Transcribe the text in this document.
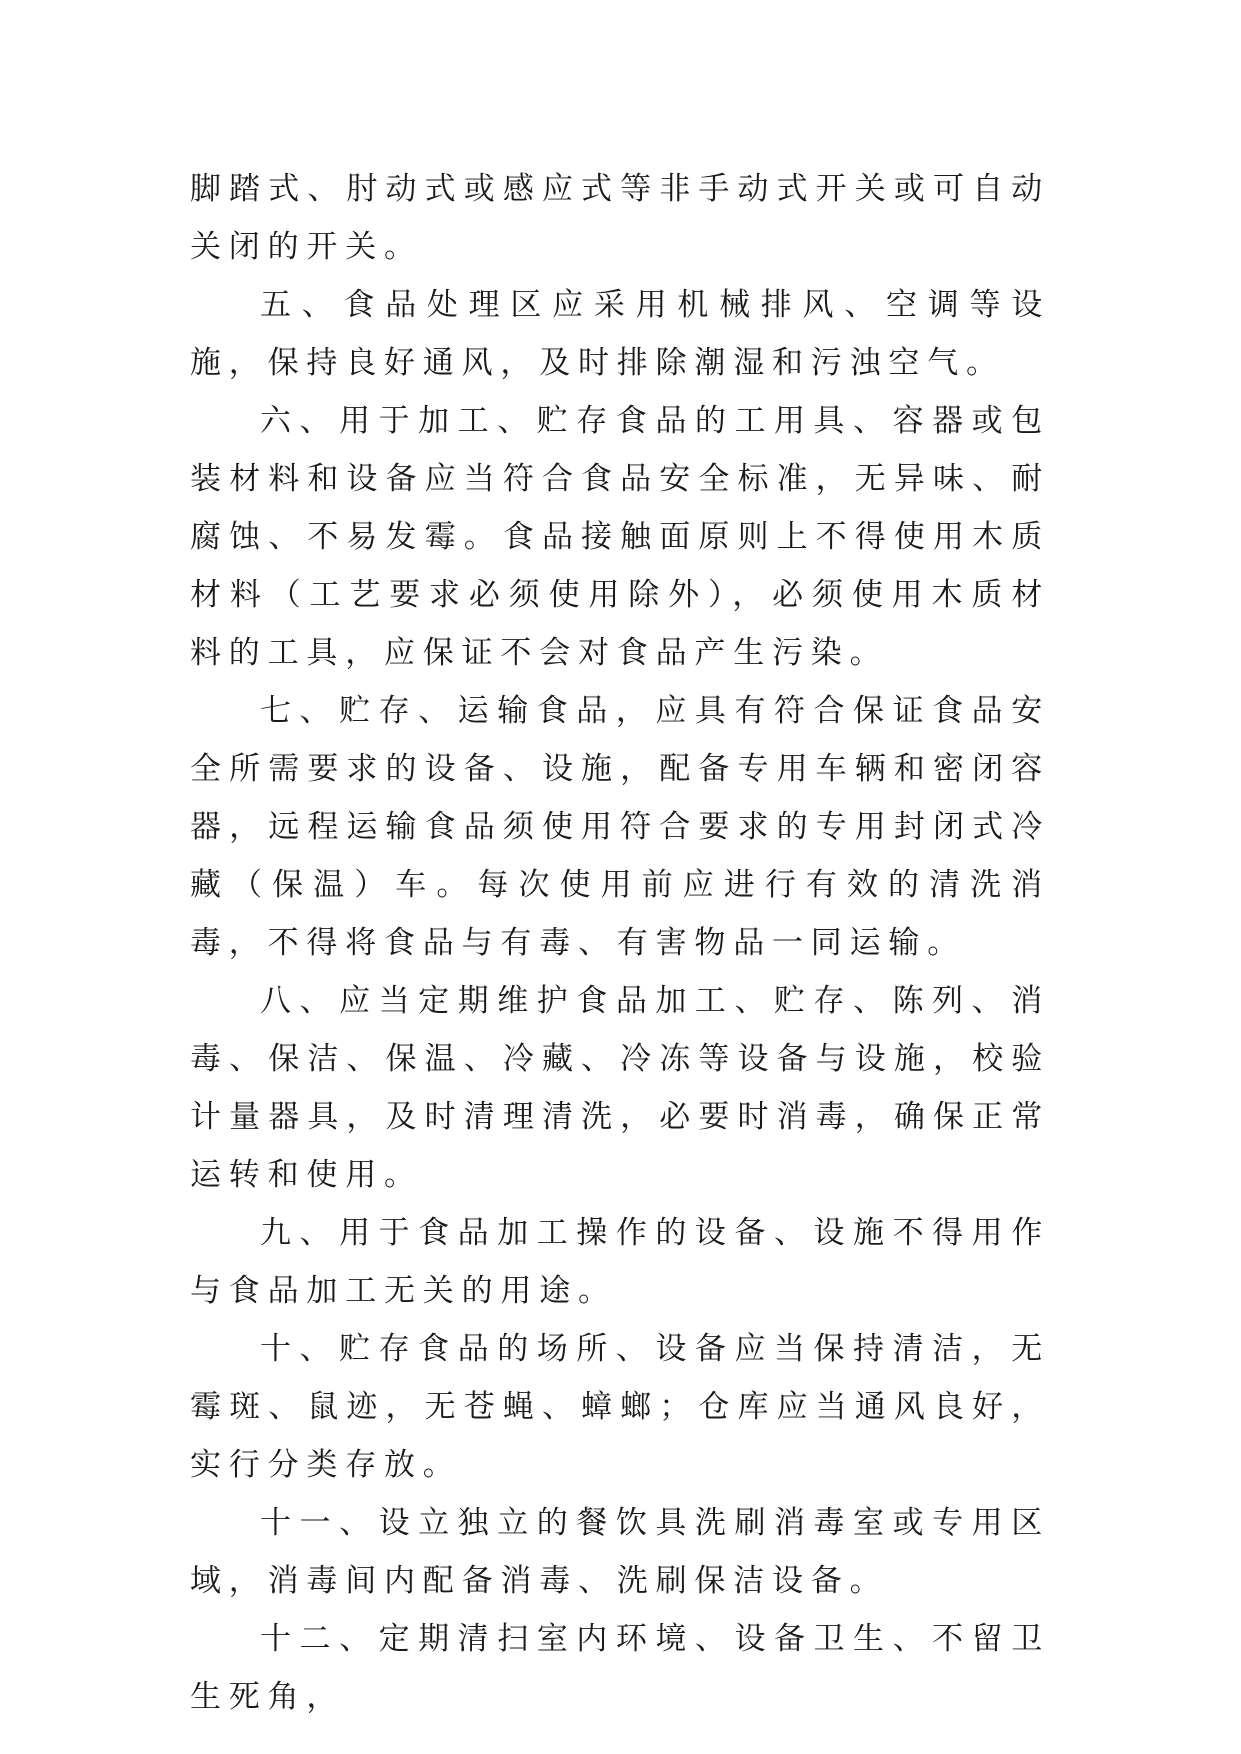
脚踏式、肘动式或感应式等非手动式开关或可自动关闭的开关。

五、食品处理区应采用机械排风、空调等设施，保持良好通风，及时排除潮湿和污浊空气。

六、用于加工、贮存食品的工用具、容器或包装材料和设备应当符合食品安全标准，无异味、耐腐蚀、不易发霉。食品接触面原则上不得使用木质材料（工艺要求必须使用除外），必须使用木质材料的工具，应保证不会对食品产生污染。

七、贮存、运输食品，应具有符合保证食品安全所需要求的设备、设施，配备专用车辆和密闭容器，远程运输食品须使用符合要求的专用封闭式冷藏（保温）车。每次使用前应进行有效的清洗消毒，不得将食品与有毒、有害物品一同运输。

八、应当定期维护食品加工、贮存、陈列、消毒、保洁、保温、冷藏、冷冻等设备与设施，校验计量器具，及时清理清洗，必要时消毒，确保正常运转和使用。

九、用于食品加工操作的设备、设施不得用作与食品加工无关的用途。

十、贮存食品的场所、设备应当保持清洁，无霉斑、鼠迹，无苍蝇、蟑螂；仓库应当通风良好，实行分类存放。

十一、设立独立的餐饮具洗刷消毒室或专用区域，消毒间内配备消毒、洗刷保洁设备。

十二、定期清扫室内环境、设备卫生、不留卫生死角，
